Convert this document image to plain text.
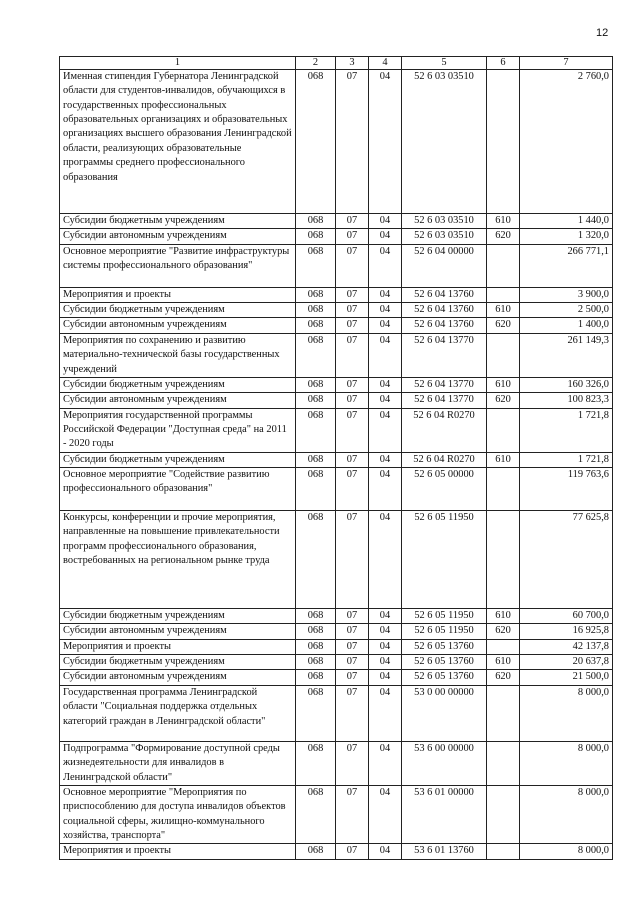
12
1	2	3	4	5	6	7
Именная стипендия Губернатора Ленинградской области для студентов-инвалидов, обучающихся в государственных профессиональных образовательных организациях и образовательных организациях высшего образования Ленинградской области, реализующих образовательные программы среднего профессионального образования	068	07	04	52 6 03 03510		2 760,0
Субсидии бюджетным учреждениям	068	07	04	52 6 03 03510	610	1 440,0
Субсидии автономным учреждениям	068	07	04	52 6 03 03510	620	1 320,0
Основное мероприятие "Развитие инфраструктуры системы профессионального образования"	068	07	04	52 6 04 00000		266 771,1
Мероприятия и проекты	068	07	04	52 6 04 13760		3 900,0
Субсидии бюджетным учреждениям	068	07	04	52 6 04 13760	610	2 500,0
Субсидии автономным учреждениям	068	07	04	52 6 04 13760	620	1 400,0
Мероприятия по сохранению и развитию материально-технической базы государственных учреждений	068	07	04	52 6 04 13770		261 149,3
Субсидии бюджетным учреждениям	068	07	04	52 6 04 13770	610	160 326,0
Субсидии автономным учреждениям	068	07	04	52 6 04 13770	620	100 823,3
Мероприятия государственной программы Российской Федерации "Доступная среда" на 2011 - 2020 годы	068	07	04	52 6 04 R0270		1 721,8
Субсидии бюджетным учреждениям	068	07	04	52 6 04 R0270	610	1 721,8
Основное мероприятие "Содействие развитию профессионального образования"	068	07	04	52 6 05 00000		119 763,6
Конкурсы, конференции и прочие мероприятия, направленные на повышение привлекательности программ профессионального образования, востребованных на региональном рынке труда	068	07	04	52 6 05 11950		77 625,8
Субсидии бюджетным учреждениям	068	07	04	52 6 05 11950	610	60 700,0
Субсидии автономным учреждениям	068	07	04	52 6 05 11950	620	16 925,8
Мероприятия и проекты	068	07	04	52 6 05 13760		42 137,8
Субсидии бюджетным учреждениям	068	07	04	52 6 05 13760	610	20 637,8
Субсидии автономным учреждениям	068	07	04	52 6 05 13760	620	21 500,0
Государственная программа Ленинградской области "Социальная поддержка отдельных категорий граждан в Ленинградской области"	068	07	04	53 0 00 00000		8 000,0
Подпрограмма "Формирование доступной среды жизнедеятельности для инвалидов в Ленинградской области"	068	07	04	53 6 00 00000		8 000,0
Основное мероприятие "Мероприятия по приспособлению для доступа инвалидов объектов социальной сферы, жилищно-коммунального хозяйства, транспорта"	068	07	04	53 6 01 00000		8 000,0
Мероприятия и проекты	068	07	04	53 6 01 13760		8 000,0
